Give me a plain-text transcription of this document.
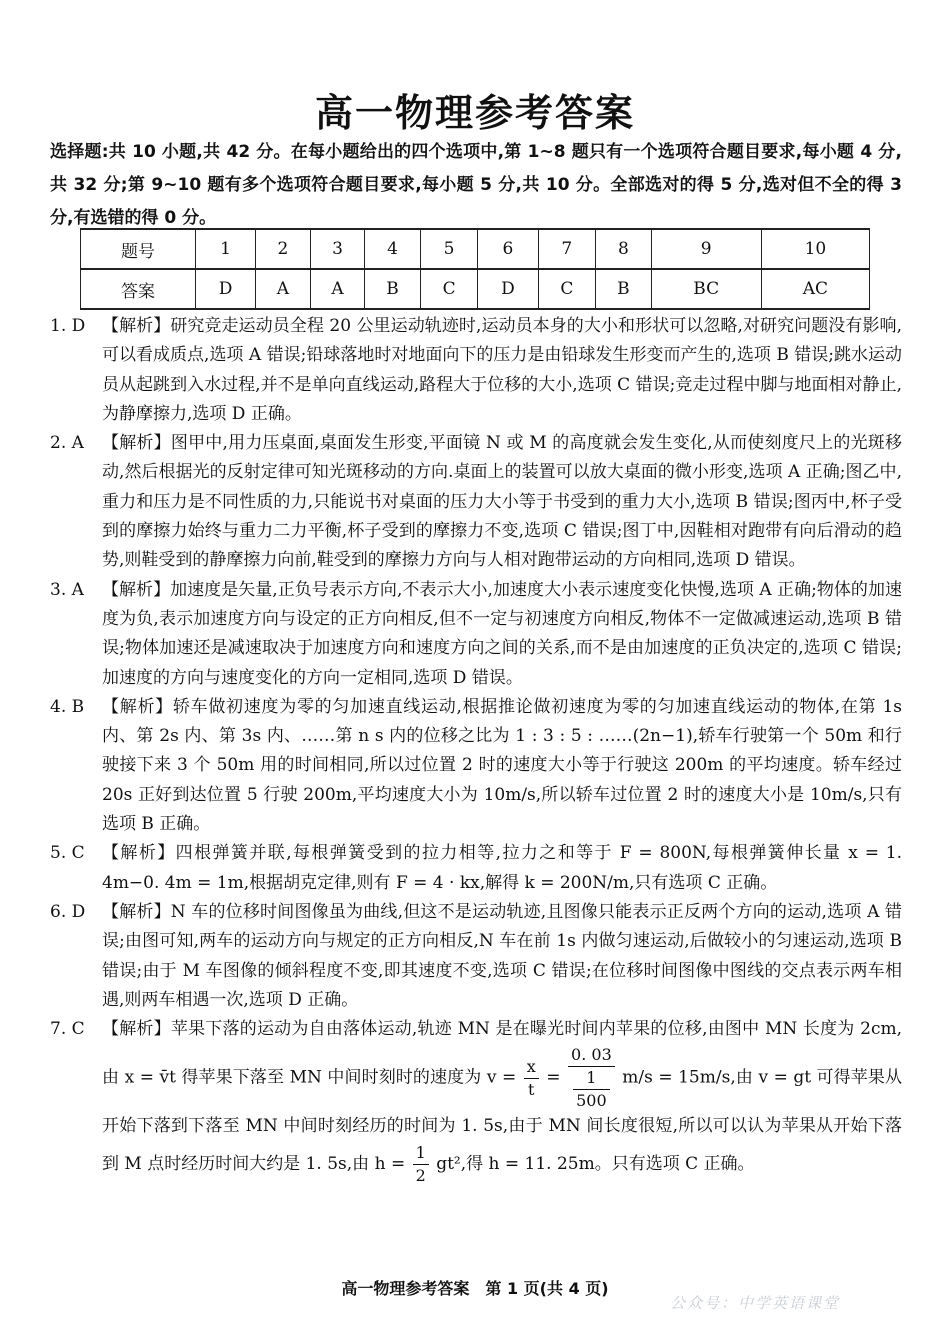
高一物理参考答案
选择题:共 10 小题,共 42 分。在每小题给出的四个选项中,第 1~8 题只有一个选项符合题目要求,每小题 4 分,共 32 分;第 9~10 题有多个选项符合题目要求,每小题 5 分,共 10 分。全部选对的得 5 分,选对但不全的得 3 分,有选错的得 0 分。
题号	1	2	3	4	5	6	7	8	9	10
答案	D	A	A	B	C	D	C	B	BC	AC
1. D 【解析】研究竞走运动员全程 20 公里运动轨迹时,运动员本身的大小和形状可以忽略,对研究问题没有影响,可以看成质点,选项 A 错误;铅球落地时对地面向下的压力是由铅球发生形变而产生的,选项 B 错误;跳水运动员从起跳到入水过程,并不是单向直线运动,路程大于位移的大小,选项 C 错误;竞走过程中脚与地面相对静止,为静摩擦力,选项 D 正确。
2. A	【解析】图甲中,用力压桌面,桌面发生形变,平面镜 N 或 M 的高度就会发生变化,从而使刻度尺上的光斑移动,然后根据光的反射定律可知光斑移动的方向.桌面上的装置可以放大桌面的微小形变,选项 A 正确;图乙中,重力和压力是不同性质的力,只能说书对桌面的压力大小等于书受到的重力大小,选项 B 错误;图丙中,杯子受到的摩擦力始终与重力二力平衡,杯子受到的摩擦力不变,选项 C 错误;图丁中,因鞋相对跑带有向后滑动的趋势,则鞋受到的静摩擦力向前,鞋受到的摩擦力方向与人相对跑带运动的方向相同,选项 D 错误。
3. A	【解析】加速度是矢量,正负号表示方向,不表示大小,加速度大小表示速度变化快慢,选项 A 正确;物体的加速度为负,表示加速度方向与设定的正方向相反,但不一定与初速度方向相反,物体不一定做减速运动,选项 B 错误;物体加速还是减速取决于加速度方向和速度方向之间的关系,而不是由加速度的正负决定的,选项 C 错误;加速度的方向与速度变化的方向一定相同,选项 D 错误。
4. B	【解析】轿车做初速度为零的匀加速直线运动,根据推论做初速度为零的匀加速直线运动的物体,在第 1s 内、第 2s 内、第 3s 内、……第 n s 内的位移之比为 1 : 3 : 5 : ……(2n−1),轿车行驶第一个 50m 和行驶接下来 3 个 50m 用的时间相同,所以过位置 2 时的速度大小等于行驶这 200m 的平均速度。轿车经过 20s 正好到达位置 5 行驶 200m,平均速度大小为 10m/s,所以轿车过位置 2 时的速度大小是 10m/s,只有选项 B 正确。
5. C	【解析】四根弹簧并联,每根弹簧受到的拉力相等,拉力之和等于 F = 800N,每根弹簧伸长量 x = 1. 4m−0. 4m = 1m,根据胡克定律,则有 F = 4 · kx,解得 k = 200N/m,只有选项 C 正确。
6. D 【解析】N 车的位移时间图像虽为曲线,但这不是运动轨迹,且图像只能表示正反两个方向的运动,选项 A 错误;由图可知,两车的运动方向与规定的正方向相反,N 车在前 1s 内做匀速运动,后做较小的匀速运动,选项 B 错误;由于 M 车图像的倾斜程度不变,即其速度不变,选项 C 错误;在位移时间图像中图线的交点表示两车相遇,则两车相遇一次,选项 D 正确。
7. C	【解析】苹果下落的运动为自由落体运动,轨迹 MN 是在曝光时间内苹果的位移,由图中 MN 长度为 2cm,由 x = v̄t 得苹果下落至 MN 中间时刻时的速度为 $v = \frac{x}{t} = \frac{0. 03}{\frac{1}{500}} m/s = 15m/s$,由 v = gt 可得苹果从开始下落到下落至 MN 中间时刻经历的时间为 1. 5s,由于 MN 间长度很短,所以可以认为苹果从开始下落到 M 点时经历时间大约是 1. 5s,由 $h = \frac{1}{2} gt^2$,得 h = 11. 25m。只有选项 C 正确。
高一物理参考答案　第 1 页(共 4 页)
公众号：中学英语课堂
